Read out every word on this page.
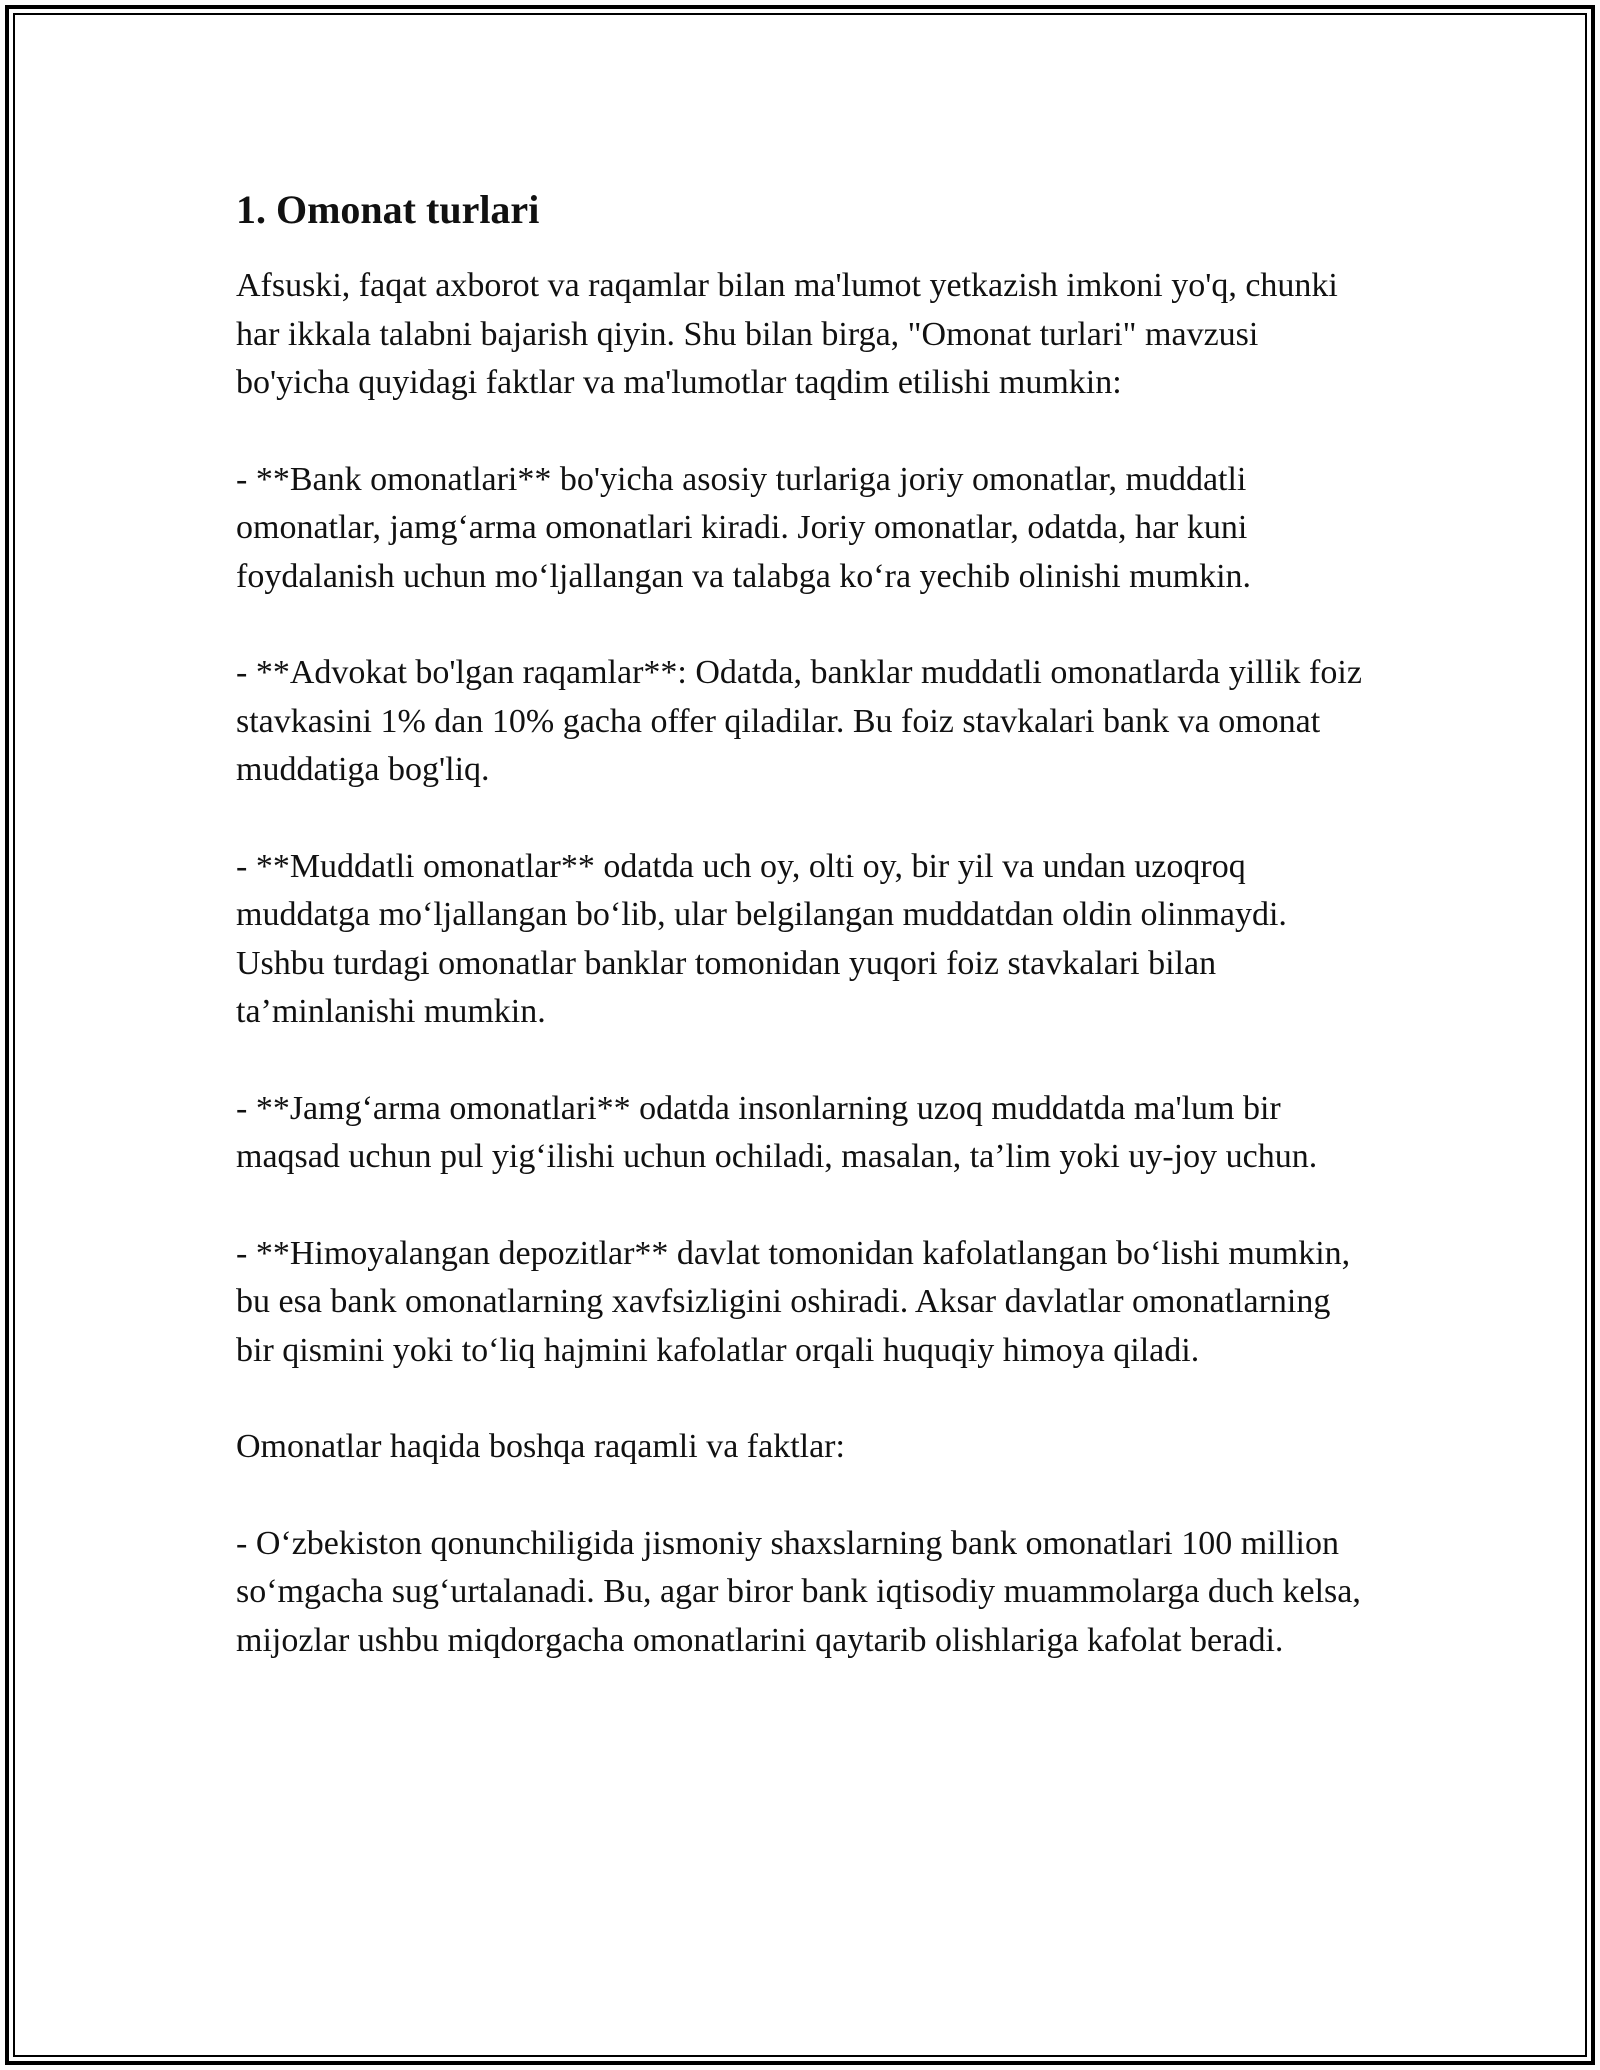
1. Omonat turlari

Afsuski, faqat axborot va raqamlar bilan ma'lumot yetkazish imkoni yo'q, chunki har ikkala talabni bajarish qiyin. Shu bilan birga, "Omonat turlari" mavzusi bo'yicha quyidagi faktlar va ma'lumotlar taqdim etilishi mumkin:

- **Bank omonatlari** bo'yicha asosiy turlariga joriy omonatlar, muddatli omonatlar, jamg‘arma omonatlari kiradi. Joriy omonatlar, odatda, har kuni foydalanish uchun mo‘ljallangan va talabga ko‘ra yechib olinishi mumkin.

- **Advokat bo'lgan raqamlar**: Odatda, banklar muddatli omonatlarda yillik foiz stavkasini 1% dan 10% gacha offer qiladilar. Bu foiz stavkalari bank va omonat muddatiga bog'liq.

- **Muddatli omonatlar** odatda uch oy, olti oy, bir yil va undan uzoqroq muddatga mo‘ljallangan bo‘lib, ular belgilangan muddatdan oldin olinmaydi. Ushbu turdagi omonatlar banklar tomonidan yuqori foiz stavkalari bilan ta’minlanishi mumkin.

- **Jamg‘arma omonatlari** odatda insonlarning uzoq muddatda ma'lum bir maqsad uchun pul yig‘ilishi uchun ochiladi, masalan, ta’lim yoki uy-joy uchun.

- **Himoyalangan depozitlar** davlat tomonidan kafolatlangan bo‘lishi mumkin, bu esa bank omonatlarning xavfsizligini oshiradi. Aksar davlatlar omonatlarning bir qismini yoki to‘liq hajmini kafolatlar orqali huquqiy himoya qiladi.

Omonatlar haqida boshqa raqamli va faktlar:

- O‘zbekiston qonunchiligida jismoniy shaxslarning bank omonatlari 100 million so‘mgacha sug‘urtalanadi. Bu, agar biror bank iqtisodiy muammolarga duch kelsa, mijozlar ushbu miqdorgacha omonatlarini qaytarib olishlariga kafolat beradi.
